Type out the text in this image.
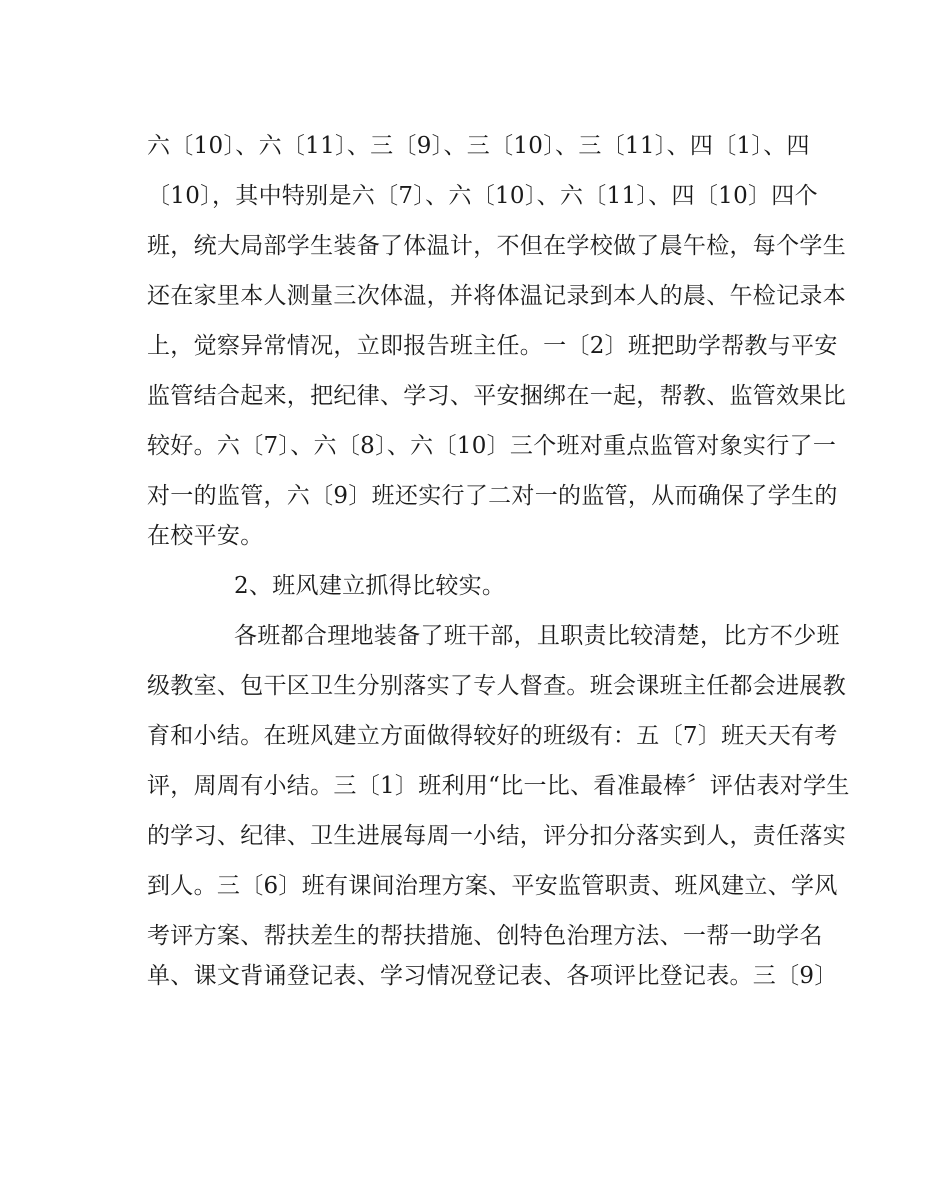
六〔10〕、六〔11〕、三〔9〕、三〔10〕、三〔11〕、四〔1〕、四
〔10〕，其中特别是六〔7〕、六〔10〕、六〔11〕、四〔10〕四个
班，统大局部学生装备了体温计，不但在学校做了晨午检，每个学生
还在家里本人测量三次体温，并将体温记录到本人的晨、午检记录本
上，觉察异常情况，立即报告班主任。一〔2〕班把助学帮教与平安
监管结合起来，把纪律、学习、平安捆绑在一起，帮教、监管效果比
较好。六〔7〕、六〔8〕、六〔10〕三个班对重点监管对象实行了一
对一的监管，六〔9〕班还实行了二对一的监管，从而确保了学生的
在校平安。
2、班风建立抓得比较实。
各班都合理地装备了班干部，且职责比较清楚，比方不少班
级教室、包干区卫生分别落实了专人督查。班会课班主任都会进展教
育和小结。在班风建立方面做得较好的班级有：五〔7〕班天天有考
评，周周有小结。三〔1〕班利用“比一比、看准最棒〞评估表对学生
的学习、纪律、卫生进展每周一小结，评分扣分落实到人，责任落实
到人。三〔6〕班有课间治理方案、平安监管职责、班风建立、学风
考评方案、帮扶差生的帮扶措施、创特色治理方法、一帮一助学名
单、课文背诵登记表、学习情况登记表、各项评比登记表。三〔9〕
